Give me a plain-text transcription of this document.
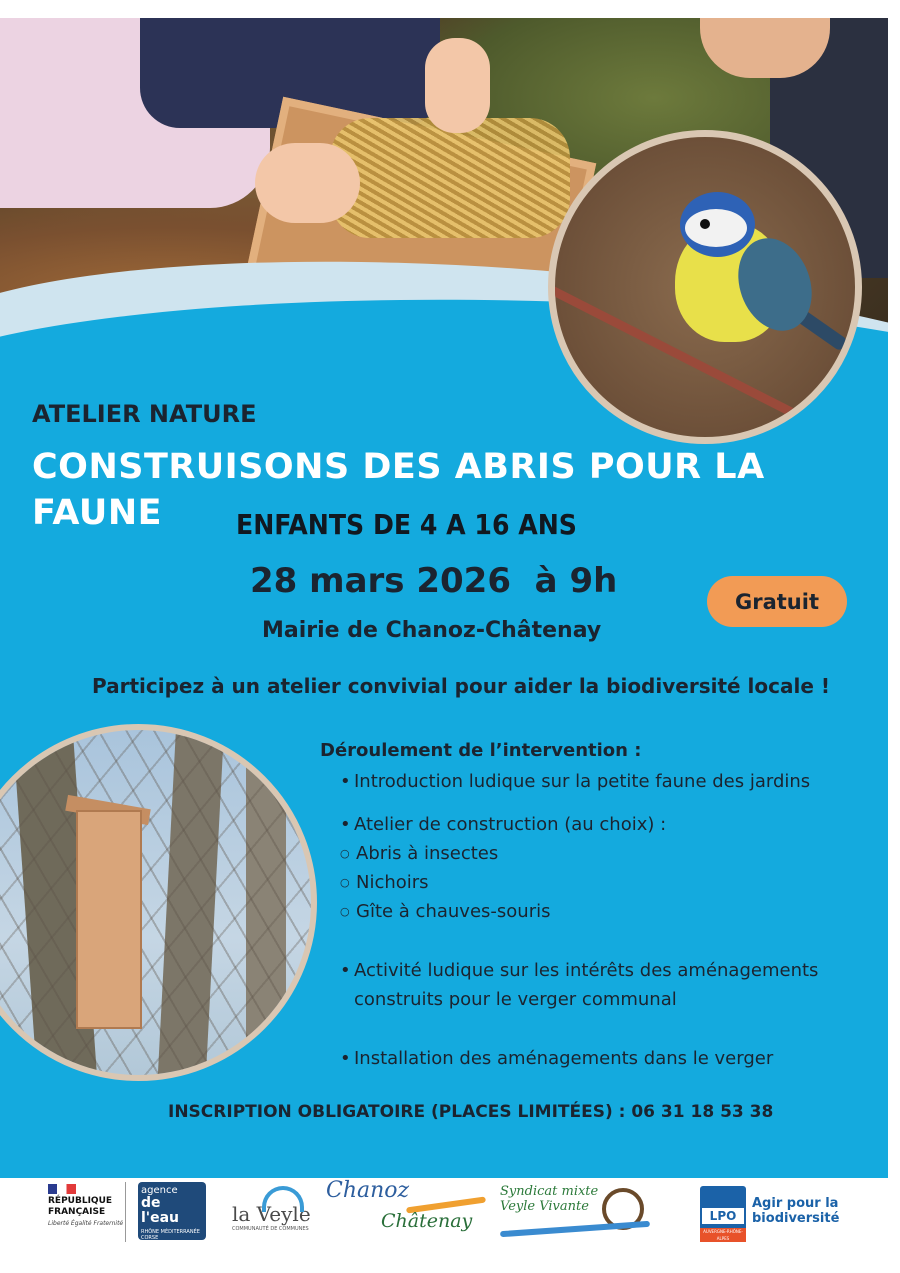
ATELIER NATURE

CONSTRUISONS DES ABRIS POUR LA FAUNE	ENFANTS DE 4 A 16 ANS

28 mars 2026  à 9h

Mairie de Chanoz-Châtenay

Gratuit

Participez à un atelier convivial pour aider la biodiversité locale !

Déroulement de l’intervention :
• Introduction ludique sur la petite faune des jardins
• Atelier de construction (au choix) :
○ Abris à insectes
○ Nichoirs
○ Gîte à chauves-souris
• Activité ludique sur les intérêts des aménagements construits pour le verger communal
• Installation des aménagements dans le verger

INSCRIPTION OBLIGATOIRE (PLACES LIMITÉES) : 06 31 18 53 38

RÉPUBLIQUE FRANÇAISE
Liberté Égalité Fraternité
agence
de l'eau
RHÔNE MÉDITERRANÉE CORSE
la Veyle
COMMUNAUTÉ DE COMMUNES
Chanoz
Châtenay
Syndicat mixte Veyle Vivante
LPO
AUVERGNE-RHÔNE-ALPES
Agir pour la biodiversité
